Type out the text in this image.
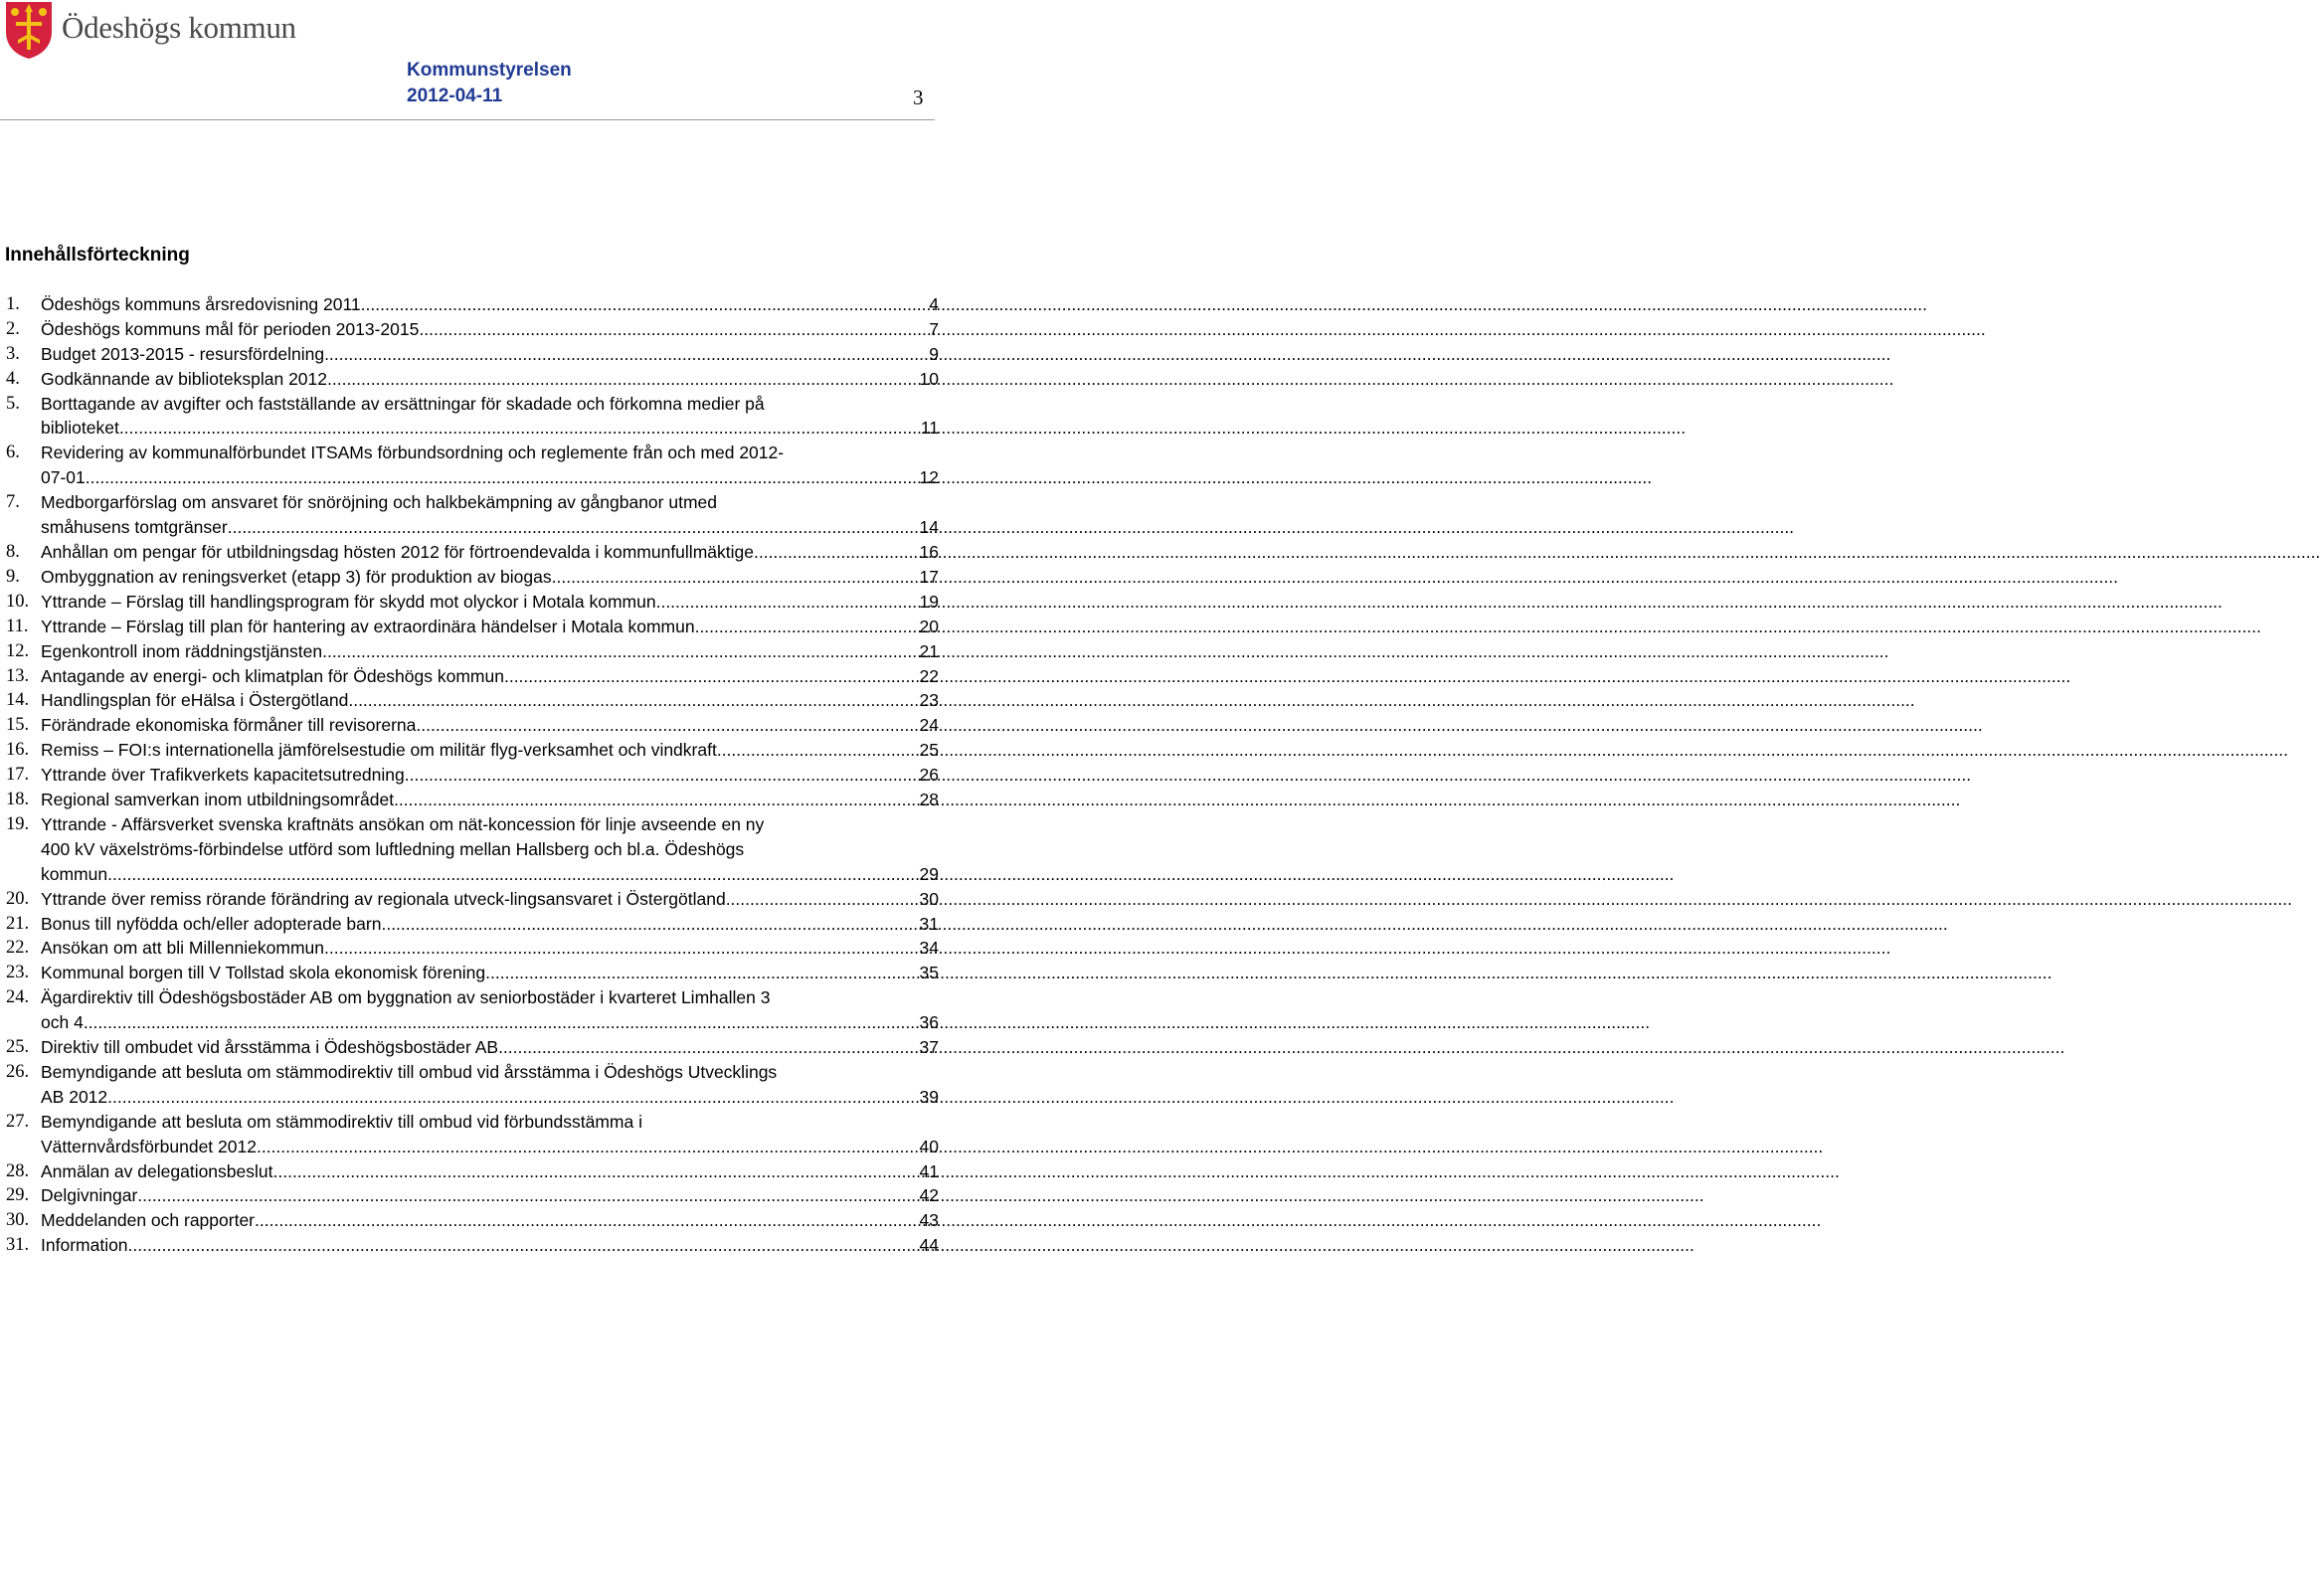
Ödeshögs kommun
Kommunstyrelsen
2012-04-11	3
Innehållsförteckning
1.	Ödeshögs kommuns årsredovisning 2011 .....	4
2.	Ödeshögs kommuns mål för perioden 2013-2015 .....	7
3.	Budget 2013-2015 - resursfördelning .....	9
4.	Godkännande av biblioteksplan 2012 .....	10
5.	Borttagande av avgifter och fastställande av ersättningar för skadade och förkomna medier på
biblioteket .....	11
6.	Revidering av kommunalförbundet ITSAMs förbundsordning och reglemente från och med 2012-
07-01 .....	12
7.	Medborgarförslag om ansvaret för snöröjning och halkbekämpning av gångbanor utmed
småhusens tomtgränser .....	14
8.	Anhållan om pengar för utbildningsdag hösten 2012 för förtroendevalda i kommunfullmäktige .....	16
9.	Ombyggnation av reningsverket (etapp 3) för produktion av biogas .....	17
10. Yttrande – Förslag till handlingsprogram för skydd mot olyckor i Motala kommun .....	19
11. Yttrande – Förslag till plan för hantering av extraordinära händelser i Motala kommun .....	20
12. Egenkontroll inom räddningstjänsten .....	21
13. Antagande av energi- och klimatplan för Ödeshögs kommun .....	22
14. Handlingsplan för eHälsa i Östergötland .....	23
15. Förändrade ekonomiska förmåner till revisorerna .....	24
16. Remiss – FOI:s internationella jämförelsestudie om militär flyg-verksamhet och vindkraft. .....	25
17. Yttrande över Trafikverkets kapacitetsutredning .....	26
18. Regional samverkan inom utbildningsområdet .....	28
19. Yttrande - Affärsverket svenska kraftnäts ansökan om nät-koncession för linje avseende en ny
400 kV växelströms-förbindelse utförd som luftledning mellan Hallsberg och bl.a. Ödeshögs
kommun .....	29
20. Yttrande över remiss rörande förändring av regionala utveck-lingsansvaret i Östergötland .....	30
21. Bonus till nyfödda och/eller adopterade barn .....	31
22. Ansökan om att bli Millenniekommun .....	34
23. Kommunal borgen till V Tollstad skola ekonomisk förening .....	35
24. Ägardirektiv till Ödeshögsbostäder AB om byggnation av seniorbostäder i kvarteret Limhallen 3
och 4 .....	36
25. Direktiv till ombudet vid årsstämma i Ödeshögsbostäder AB .....	37
26. Bemyndigande att besluta om stämmodirektiv till ombud vid årsstämma i Ödeshögs Utvecklings
AB 2012 .....	39
27. Bemyndigande att besluta om stämmodirektiv till ombud vid förbundsstämma i
Vätternvårdsförbundet 2012 .....	40
28. Anmälan av delegationsbeslut .....	41
29. Delgivningar .....	42
30. Meddelanden och rapporter .....	43
31. Information .....	44
